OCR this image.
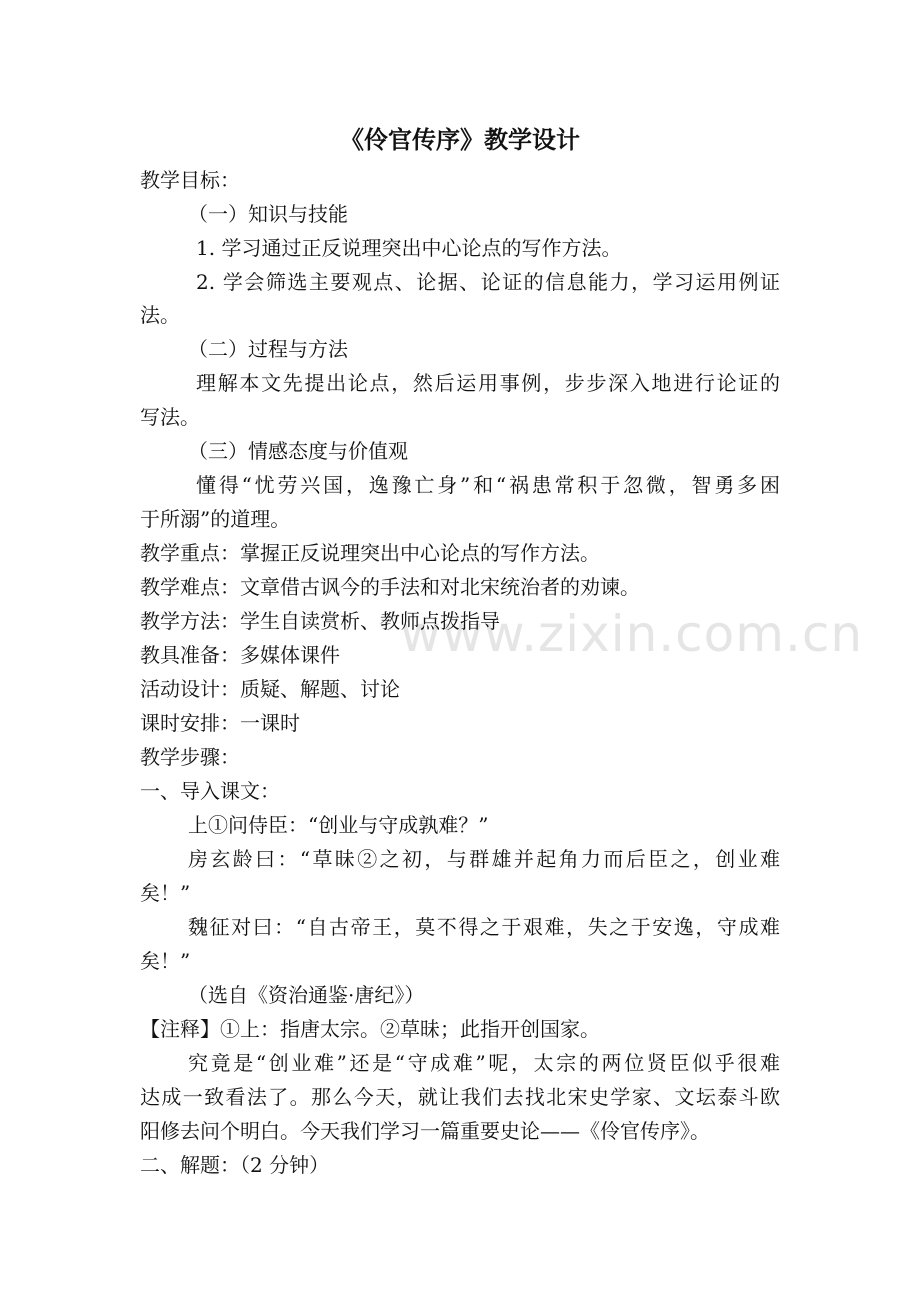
www.zixin.com.cn
《伶官传序》教学设计
教学目标：
（一）知识与技能
1. 学习通过正反说理突出中心论点的写作方法。
2. 学会筛选主要观点、论据、论证的信息能力，学习运用例证
法。
（二）过程与方法
理解本文先提出论点，然后运用事例，步步深入地进行论证的
写法。
（三）情感态度与价值观
懂得“忧劳兴国，逸豫亡身”和“祸患常积于忽微，智勇多困
于所溺”的道理。
教学重点：掌握正反说理突出中心论点的写作方法。
教学难点：文章借古讽今的手法和对北宋统治者的劝谏。
教学方法：学生自读赏析、教师点拨指导
教具准备：多媒体课件
活动设计：质疑、解题、讨论
课时安排：一课时
教学步骤：
一、导入课文：
上①问侍臣：“创业与守成孰难？”
房玄龄曰：“草昧②之初，与群雄并起角力而后臣之，创业难
矣！”
魏征对曰：“自古帝王，莫不得之于艰难，失之于安逸，守成难
矣！”
（选自《资治通鉴·唐纪》）
【注释】①上：指唐太宗。②草昧；此指开创国家。
究竟是“创业难”还是“守成难”呢，太宗的两位贤臣似乎很难
达成一致看法了。那么今天，就让我们去找北宋史学家、文坛泰斗欧
阳修去问个明白。今天我们学习一篇重要史论——《伶官传序》。
二、解题：（2 分钟）
